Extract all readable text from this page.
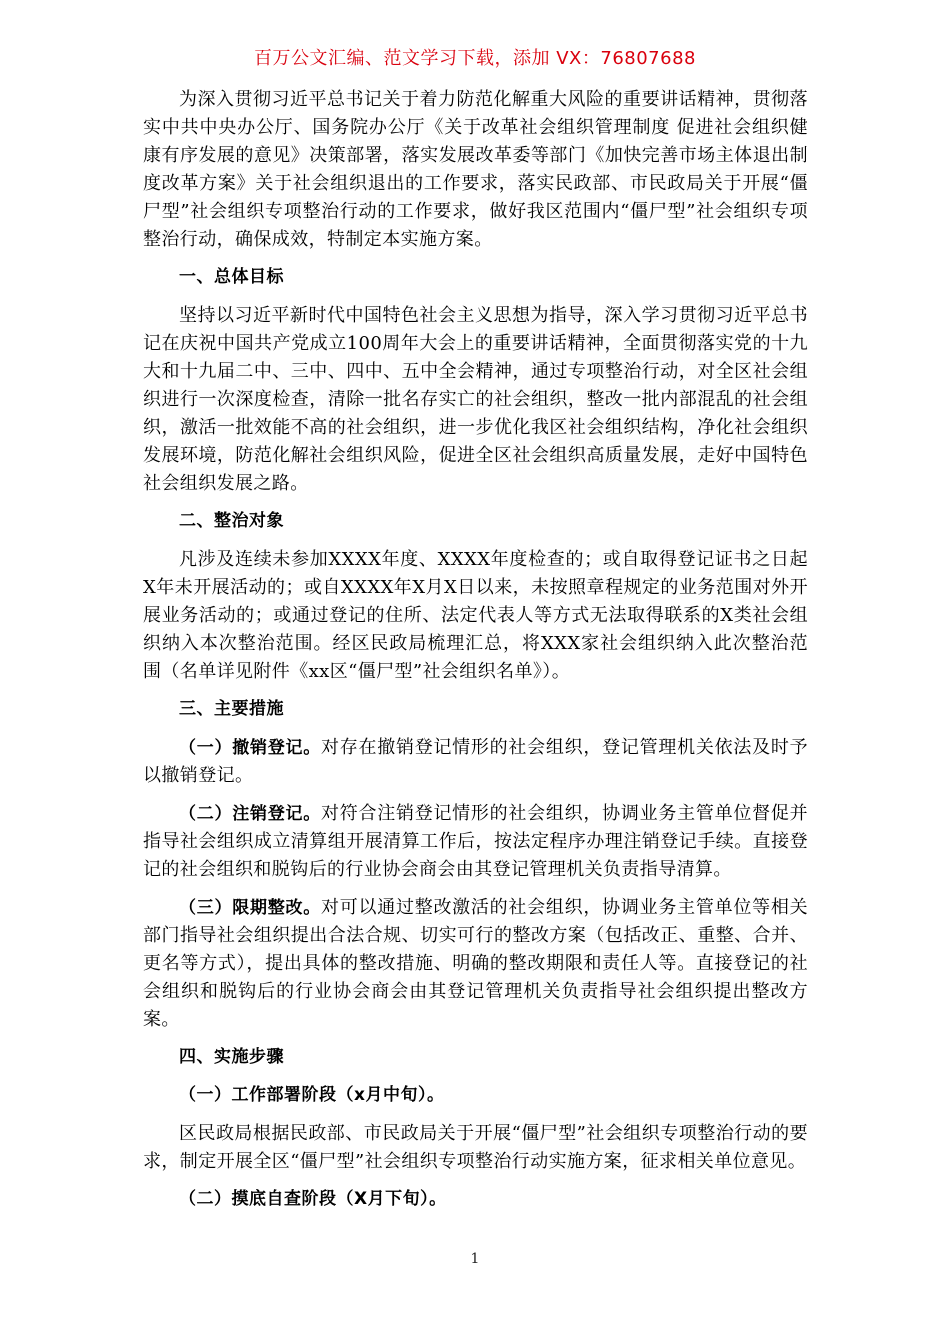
百万公文汇编、范文学习下载，添加 VX：76807688

为深入贯彻习近平总书记关于着力防范化解重大风险的重要讲话精神，贯彻落实中共中央办公厅、国务院办公厅《关于改革社会组织管理制度 促进社会组织健康有序发展的意见》决策部署，落实发展改革委等部门《加快完善市场主体退出制度改革方案》关于社会组织退出的工作要求，落实民政部、市民政局关于开展“僵尸型”社会组织专项整治行动的工作要求，做好我区范围内“僵尸型”社会组织专项整治行动，确保成效，特制定本实施方案。

一、总体目标

坚持以习近平新时代中国特色社会主义思想为指导，深入学习贯彻习近平总书记在庆祝中国共产党成立100周年大会上的重要讲话精神，全面贯彻落实党的十九大和十九届二中、三中、四中、五中全会精神，通过专项整治行动，对全区社会组织进行一次深度检查，清除一批名存实亡的社会组织，整改一批内部混乱的社会组织，激活一批效能不高的社会组织，进一步优化我区社会组织结构，净化社会组织发展环境，防范化解社会组织风险，促进全区社会组织高质量发展，走好中国特色社会组织发展之路。

二、整治对象

凡涉及连续未参加XXXX年度、XXXX年度检查的；或自取得登记证书之日起X年未开展活动的；或自XXXX年X月X日以来，未按照章程规定的业务范围对外开展业务活动的；或通过登记的住所、法定代表人等方式无法取得联系的X类社会组织纳入本次整治范围。经区民政局梳理汇总，将XXX家社会组织纳入此次整治范围（名单详见附件《xx区“僵尸型”社会组织名单》）。

三、主要措施

（一）撤销登记。对存在撤销登记情形的社会组织，登记管理机关依法及时予以撤销登记。

（二）注销登记。对符合注销登记情形的社会组织，协调业务主管单位督促并指导社会组织成立清算组开展清算工作后，按法定程序办理注销登记手续。直接登记的社会组织和脱钩后的行业协会商会由其登记管理机关负责指导清算。

（三）限期整改。对可以通过整改激活的社会组织，协调业务主管单位等相关部门指导社会组织提出合法合规、切实可行的整改方案（包括改正、重整、合并、更名等方式），提出具体的整改措施、明确的整改期限和责任人等。直接登记的社会组织和脱钩后的行业协会商会由其登记管理机关负责指导社会组织提出整改方案。

四、实施步骤
（一）工作部署阶段（x月中旬）。

区民政局根据民政部、市民政局关于开展“僵尸型”社会组织专项整治行动的要求，制定开展全区“僵尸型”社会组织专项整治行动实施方案，征求相关单位意见。

（二）摸底自查阶段（X月下旬）。
1
